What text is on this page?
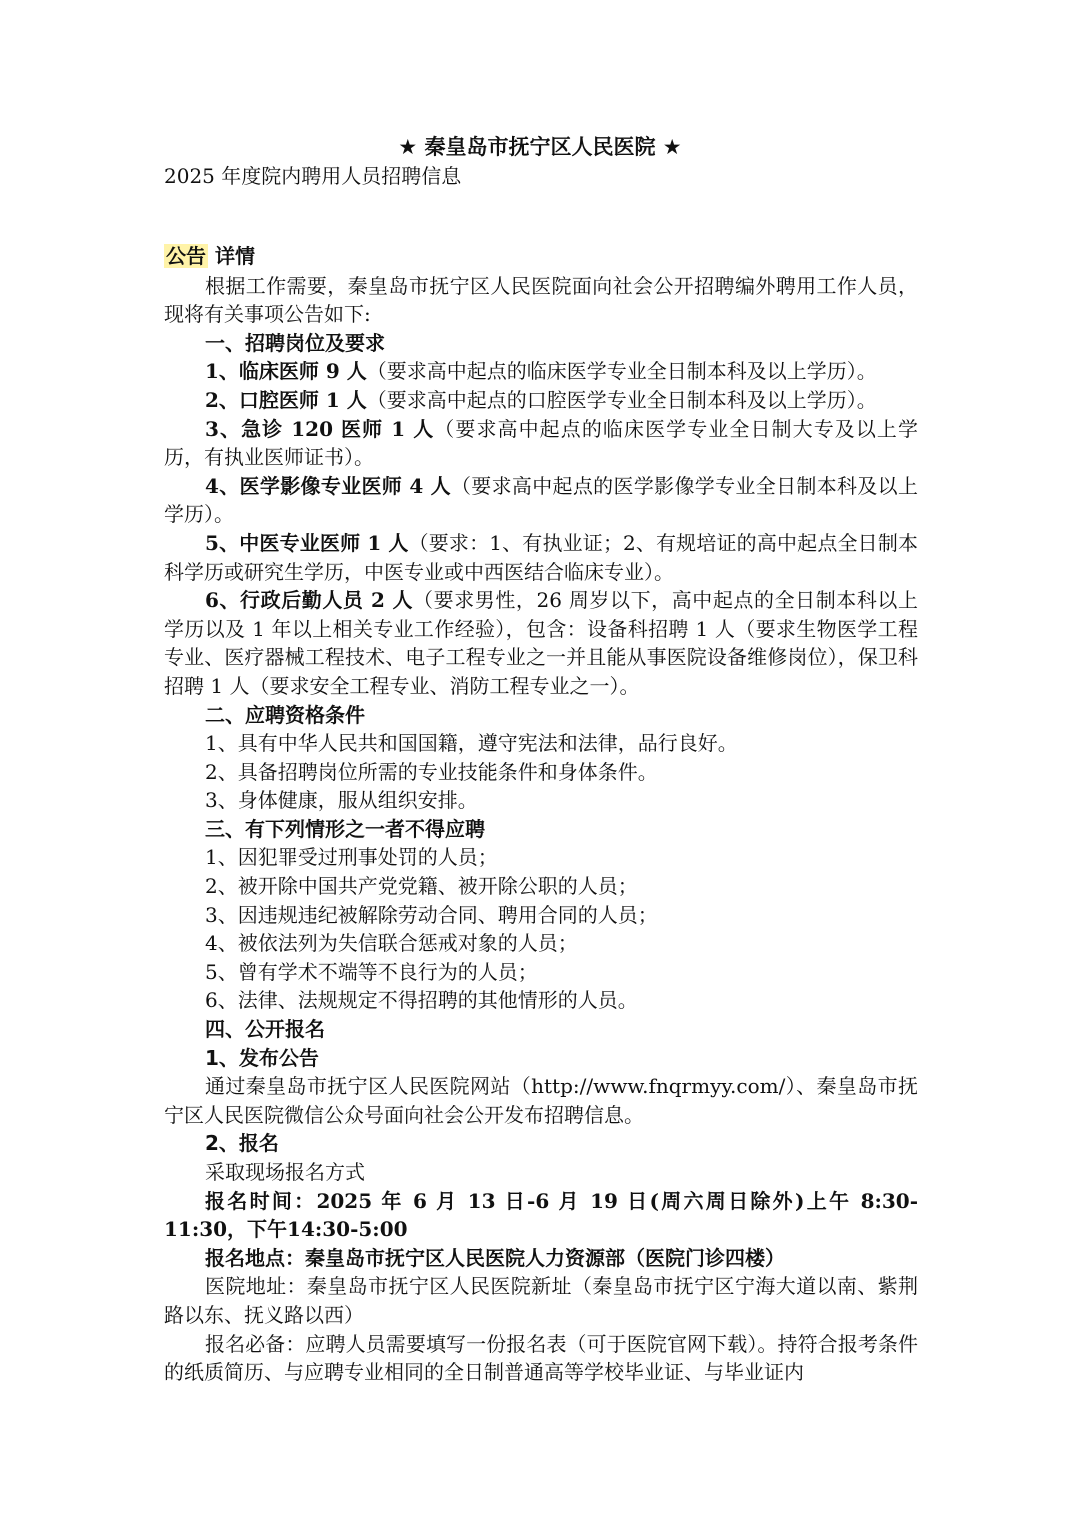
★ 秦皇岛市抚宁区人民医院 ★
2025 年度院内聘用人员招聘信息
公告 详情

根据工作需要，秦皇岛市抚宁区人民医院面向社会公开招聘编外聘用工作人员，现将有关事项公告如下:

一、招聘岗位及要求

1、临床医师 9 人（要求高中起点的临床医学专业全日制本科及以上学历）。

2、口腔医师 1 人（要求高中起点的口腔医学专业全日制本科及以上学历）。

3、急诊 120 医师 1 人（要求高中起点的临床医学专业全日制大专及以上学历，有执业医师证书）。

4、医学影像专业医师 4 人（要求高中起点的医学影像学专业全日制本科及以上学历）。

5、中医专业医师 1 人（要求：1、有执业证；2、有规培证的高中起点全日制本科学历或研究生学历，中医专业或中西医结合临床专业）。

6、行政后勤人员 2 人（要求男性，26 周岁以下，高中起点的全日制本科以上学历以及 1 年以上相关专业工作经验），包含：设备科招聘 1 人（要求生物医学工程专业、医疗器械工程技术、电子工程专业之一并且能从事医院设备维修岗位），保卫科招聘 1 人（要求安全工程专业、消防工程专业之一）。

二、应聘资格条件

1、具有中华人民共和国国籍，遵守宪法和法律，品行良好。

2、具备招聘岗位所需的专业技能条件和身体条件。

3、身体健康，服从组织安排。

三、有下列情形之一者不得应聘

1、因犯罪受过刑事处罚的人员；

2、被开除中国共产党党籍、被开除公职的人员；

3、因违规违纪被解除劳动合同、聘用合同的人员；

4、被依法列为失信联合惩戒对象的人员；

5、曾有学术不端等不良行为的人员；

6、法律、法规规定不得招聘的其他情形的人员。

四、公开报名

1、发布公告

通过秦皇岛市抚宁区人民医院网站（http://www.fnqrmyy.com/）、秦皇岛市抚宁区人民医院微信公众号面向社会公开发布招聘信息。

2、报名

采取现场报名方式

报名时间：2025 年 6 月 13 日-6 月 19 日(周六周日除外)上午 8:30-11:30，下午14:30-5:00

报名地点：秦皇岛市抚宁区人民医院人力资源部（医院门诊四楼）

医院地址：秦皇岛市抚宁区人民医院新址（秦皇岛市抚宁区宁海大道以南、紫荆路以东、抚义路以西）

报名必备：应聘人员需要填写一份报名表（可于医院官网下载）。持符合报考条件的纸质简历、与应聘专业相同的全日制普通高等学校毕业证、与毕业证内
